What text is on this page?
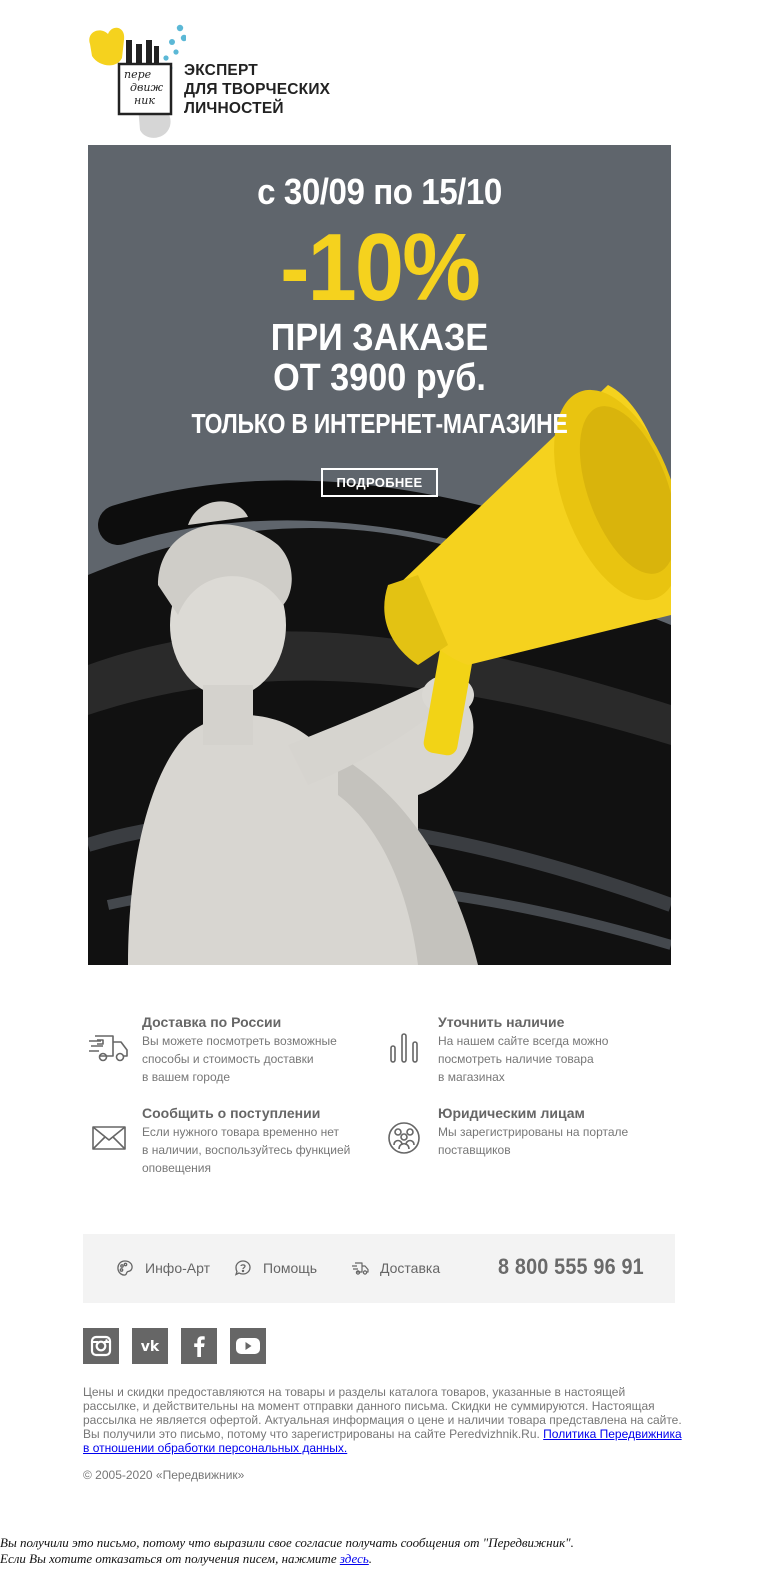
пере
движ
ник
ЭКСПЕРТ
ДЛЯ ТВОРЧЕСКИХ
ЛИЧНОСТЕЙ
с 30/09 по 15/10
-10%
ПРИ ЗАКАЗЕ
ОТ 3900 руб.
ТОЛЬКО В ИНТЕРНЕТ-МАГАЗИНЕ
ПОДРОБНЕЕ
Доставка по России
Вы можете посмотреть возможные
способы и стоимость доставки
в вашем городе
Уточнить наличие
На нашем сайте всегда можно
посмотреть наличие товара
в магазинах
Сообщить о поступлении
Если нужного товара временно нет
в наличии, воспользуйтесь функцией
оповещения
Юридическим лицам
Мы зарегистрированы на портале
поставщиков
Инфо-Арт	Помощь	Доставка	8 800 555 96 91
vk
Цены и скидки предоставляются на товары и разделы каталога товаров, указанные в настоящей
рассылке, и действительны на момент отправки данного письма. Скидки не суммируются. Настоящая
рассылка не является офертой. Актуальная информация о цене и наличии товара представлена на сайте.
Вы получили это письмо, потому что зарегистрированы на сайте Peredvizhnik.Ru. Политика Передвижника
в отношении обработки персональных данных.
© 2005-2020 «Передвижник»
Вы получили это письмо, потому что выразили свое согласие получать сообщения от "Передвижник".
Если Вы хотите отказаться от получения писем, нажмите здесь.
